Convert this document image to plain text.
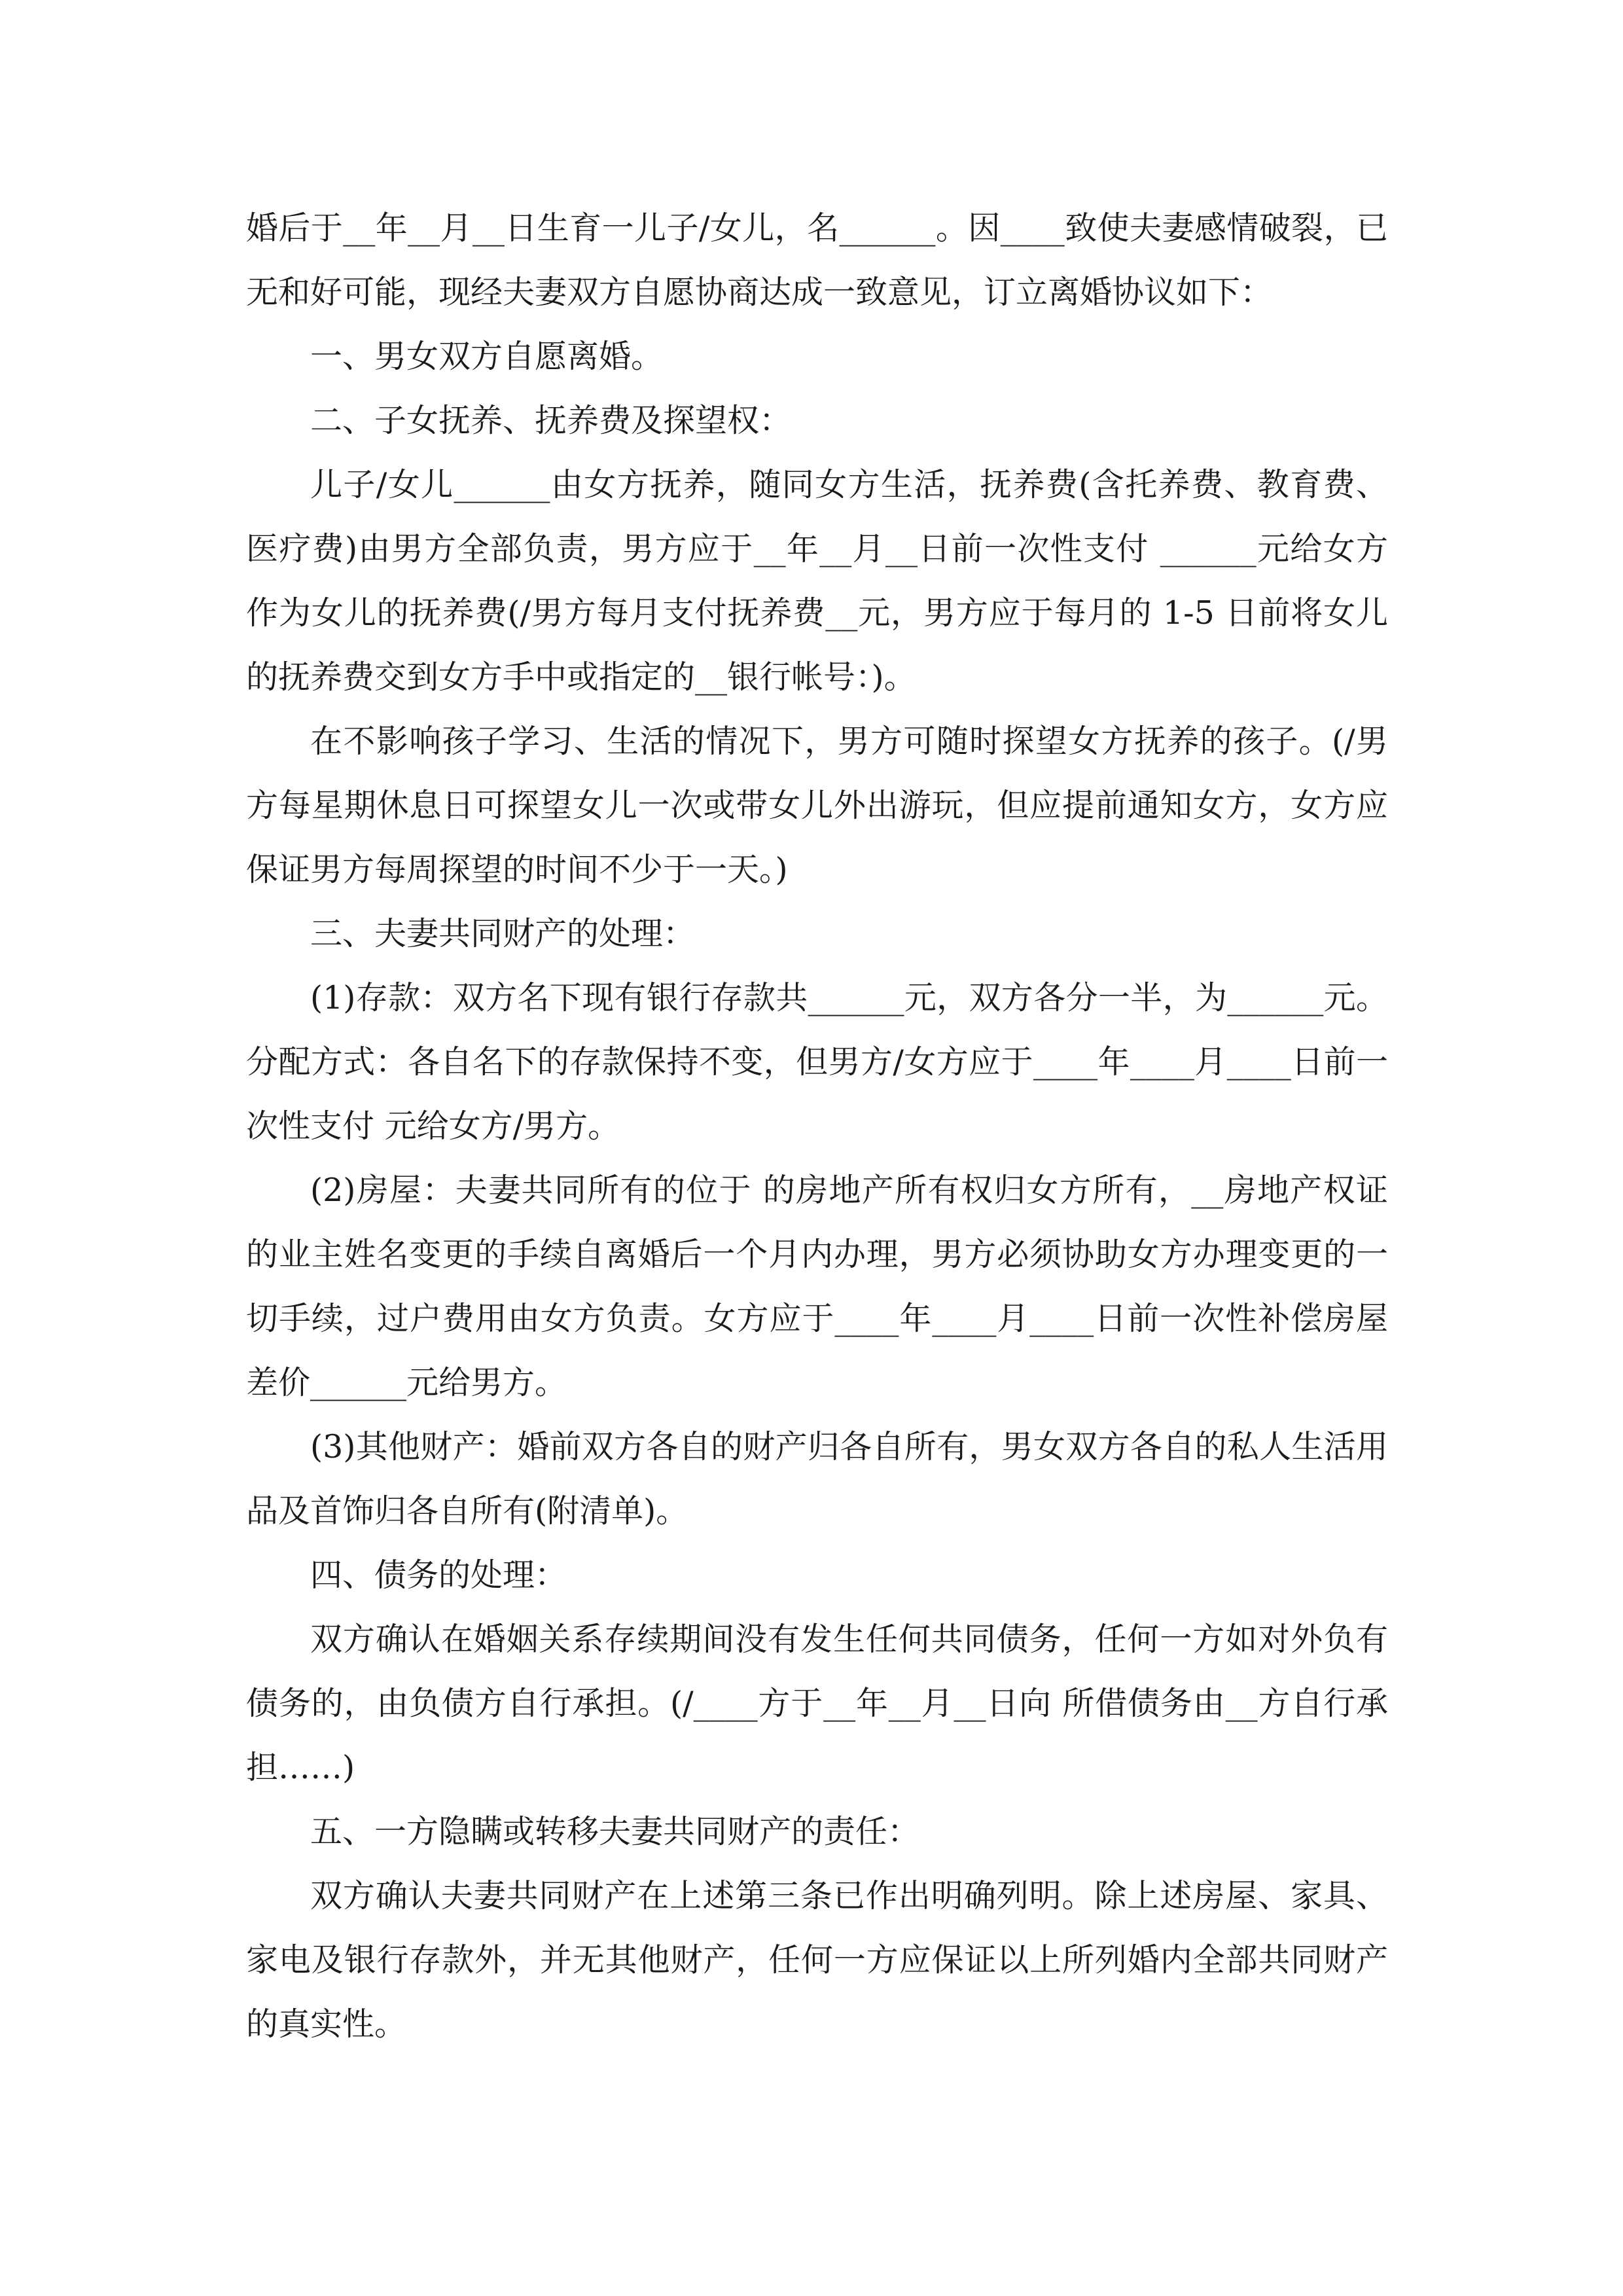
婚后于__年__月__日生育一儿子/女儿，名______。因____致使夫妻感情破裂，已无和好可能，现经夫妻双方自愿协商达成一致意见，订立离婚协议如下：

一、男女双方自愿离婚。

二、子女抚养、抚养费及探望权：

儿子/女儿______由女方抚养，随同女方生活，抚养费(含托养费、教育费、医疗费)由男方全部负责，男方应于__年__月__日前一次性支付 ______元给女方作为女儿的抚养费(/男方每月支付抚养费__元，男方应于每月的 1-5 日前将女儿的抚养费交到女方手中或指定的__银行帐号：)。

在不影响孩子学习、生活的情况下，男方可随时探望女方抚养的孩子。(/男方每星期休息日可探望女儿一次或带女儿外出游玩，但应提前通知女方，女方应保证男方每周探望的时间不少于一天。)

三、夫妻共同财产的处理：

(1)存款：双方名下现有银行存款共______元，双方各分一半，为______元。分配方式：各自名下的存款保持不变，但男方/女方应于____年____月____日前一次性支付 元给女方/男方。

(2)房屋：夫妻共同所有的位于 的房地产所有权归女方所有，__房地产权证的业主姓名变更的手续自离婚后一个月内办理，男方必须协助女方办理变更的一切手续，过户费用由女方负责。女方应于____年____月____日前一次性补偿房屋差价______元给男方。

(3)其他财产：婚前双方各自的财产归各自所有，男女双方各自的私人生活用品及首饰归各自所有(附清单)。

四、债务的处理：

双方确认在婚姻关系存续期间没有发生任何共同债务，任何一方如对外负有债务的，由负债方自行承担。(/____方于__年__月__日向 所借债务由__方自行承担……)

五、一方隐瞒或转移夫妻共同财产的责任：

双方确认夫妻共同财产在上述第三条已作出明确列明。除上述房屋、家具、家电及银行存款外，并无其他财产，任何一方应保证以上所列婚内全部共同财产的真实性。
